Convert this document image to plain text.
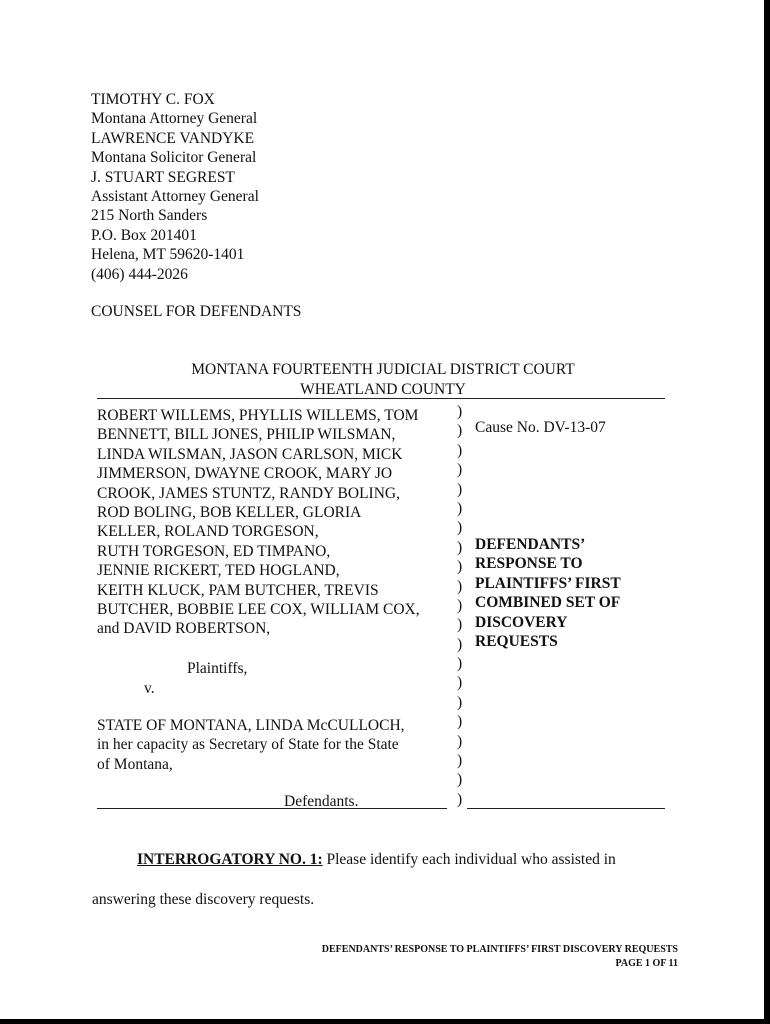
TIMOTHY C. FOX
Montana Attorney General
LAWRENCE VANDYKE
Montana Solicitor General
J. STUART SEGREST
Assistant Attorney General
215 North Sanders
P.O. Box 201401
Helena, MT 59620-1401
(406) 444-2026
COUNSEL FOR DEFENDANTS
MONTANA FOURTEENTH JUDICIAL DISTRICT COURT
WHEATLAND COUNTY
ROBERT WILLEMS, PHYLLIS WILLEMS, TOM
BENNETT, BILL JONES, PHILIP WILSMAN,
LINDA WILSMAN, JASON CARLSON, MICK
JIMMERSON, DWAYNE CROOK, MARY JO
CROOK, JAMES STUNTZ, RANDY BOLING,
ROD BOLING, BOB KELLER, GLORIA
KELLER, ROLAND TORGESON,
RUTH TORGESON, ED TIMPANO,
JENNIE RICKERT, TED HOGLAND,
KEITH KLUCK, PAM BUTCHER, TREVIS
BUTCHER, BOBBIE LEE COX, WILLIAM COX,
and DAVID ROBERTSON,
Plaintiffs,
v.
STATE OF MONTANA, LINDA McCULLOCH,
in her capacity as Secretary of State for the State
of Montana,
Defendants.
)
)
)
)
)
)
)
)
)
)
)
)
)
)
)
)
)
)
)
)
)
Cause No. DV-13-07
DEFENDANTS’
RESPONSE TO
PLAINTIFFS’ FIRST
COMBINED SET OF
DISCOVERY
REQUESTS
INTERROGATORY NO. 1: Please identify each individual who assisted in
answering these discovery requests.
DEFENDANTS’ RESPONSE TO PLAINTIFFS’ FIRST DISCOVERY REQUESTS
PAGE 1 OF 11
